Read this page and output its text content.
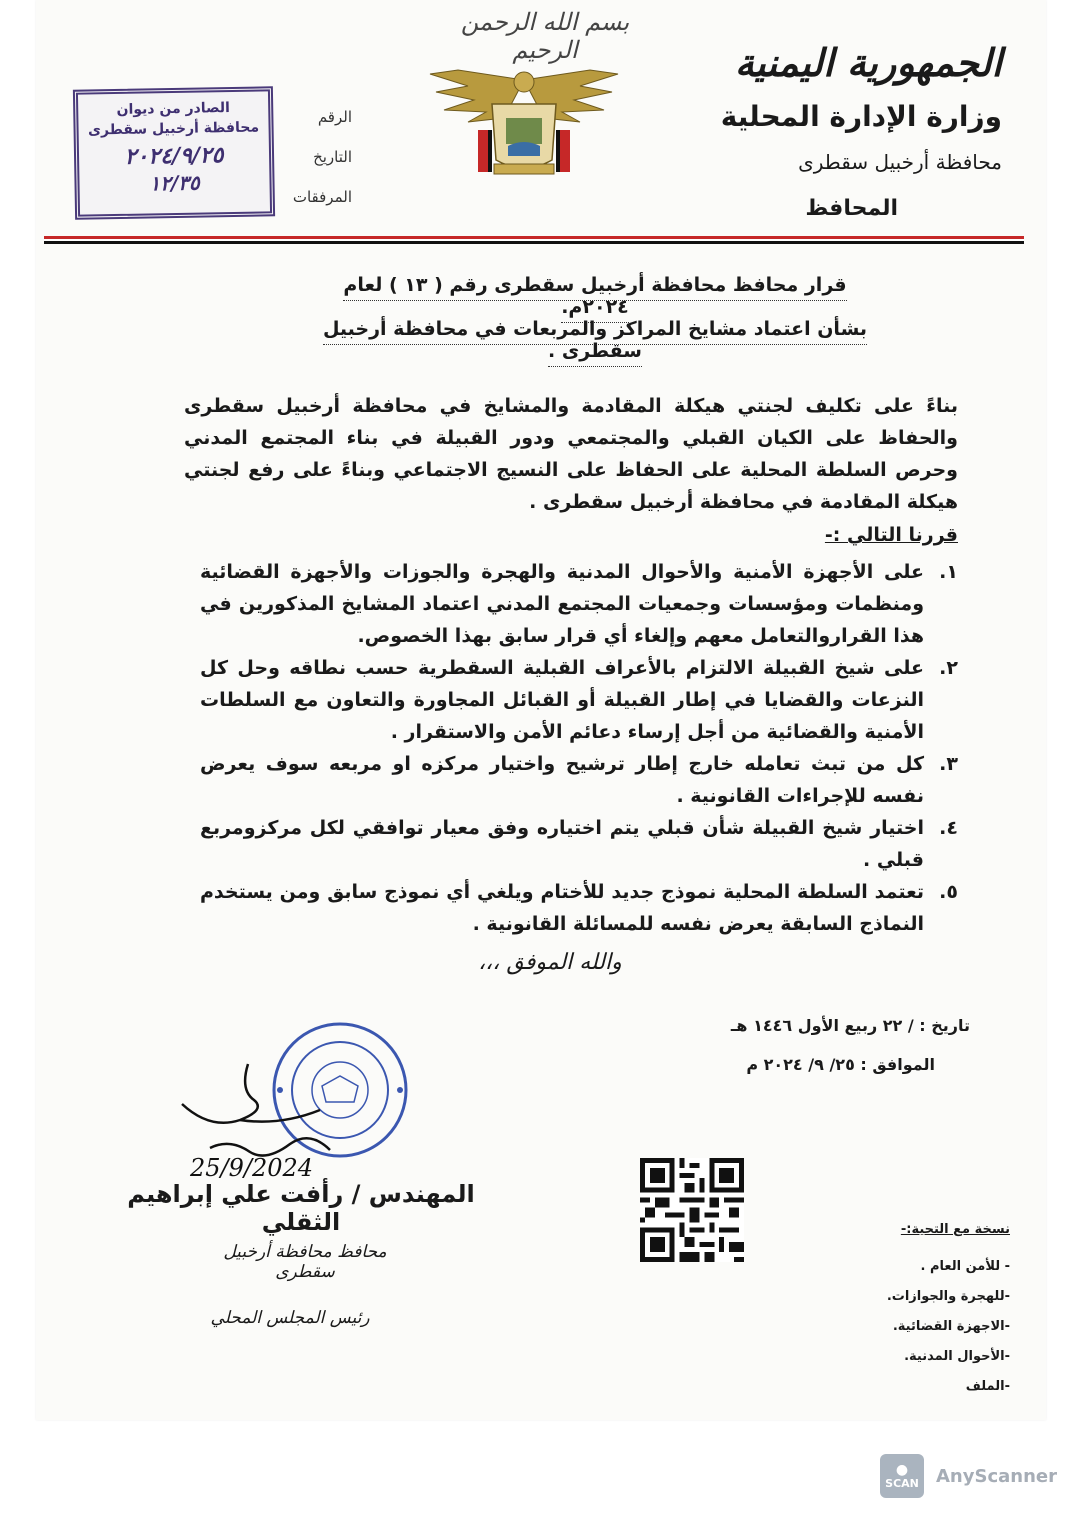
بسم الله الرحمن الرحيم	الجمهورية اليمنية
وزارة الإدارة المحلية
محافظة أرخبيل سقطرى
المحافظ
الرقم
التاريخ
المرفقات
الصادر من ديوان
محافظة أرخبيل سقطرى
٢٠٢٤/٩/٢٥
١٢/٣٥
قرار محافظ محافظة أرخبيل سقطرى رقم ( ١٣ ) لعام ٢٠٢٤م.
بشأن اعتماد مشايخ المراكز والمربعات في محافظة أرخبيل سقطرى .
بناءً على تكليف لجنتي هيكلة المقادمة والمشايخ في محافظة أرخبيل سقطرى والحفاظ على الكيان القبلي والمجتمعي ودور القبيلة في بناء المجتمع المدني وحرص السلطة المحلية على الحفاظ على النسيج الاجتماعي وبناءً على رفع لجنتي هيكلة المقادمة في محافظة أرخبيل سقطرى .
قررنا التالي :-
١.
على الأجهزة الأمنية والأحوال المدنية والهجرة والجوزات والأجهزة القضائية ومنظمات ومؤسسات وجمعيات المجتمع المدني اعتماد المشايخ المذكورين في هذا القراروالتعامل معهم وإلغاء أي قرار سابق بهذا الخصوص.
٢.
على شيخ القبيلة الالتزام بالأعراف القبلية السقطرية حسب نطاقه وحل كل النزعات والقضايا في إطار القبيلة أو القبائل المجاورة والتعاون مع السلطات الأمنية والقضائية من أجل إرساء دعائم الأمن والاستقرار .
٣.
كل من تبث تعامله خارج إطار ترشيح واختيار مركزه او مربعه سوف يعرض نفسه للإجراءات القانونية .
٤.
اختيار شيخ القبيلة شأن قبلي يتم اختياره وفق معيار توافقي لكل مركزومربع قبلي .
٥.
تعتمد السلطة المحلية نموذج جديد للأختام ويلغي أي نموذج سابق ومن يستخدم النماذج السابقة يعرض نفسه للمسائلة القانونية .
والله الموفق ،،،
تاريخ : / ٢٢ ربيع الأول ١٤٤٦ هـ
الموافق : ٢٥/ ٩/ ٢٠٢٤ م
25/9/2024
المهندس / رأفت علي إبراهيم الثقلي
محافظ محافظة أرخبيل سقطرى
رئيس المجلس المحلي
نسخة مع التحية:-
- للأمن العام .
-للهجرة والجوازات.
-الاجهزة القضائية.
-الأحوال المدنية.
-الملف
●
SCAN AnyScanner
